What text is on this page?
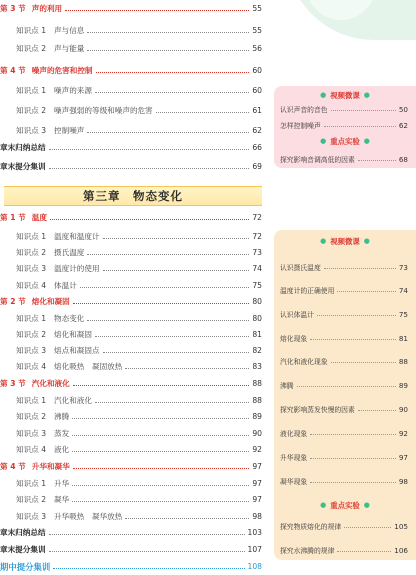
第 3 节 声的利用	55
知识点 1 声与信息	55
知识点 2 声与能量	56
第 4 节 噪声的危害和控制	60
知识点 1 噪声的来源	60
知识点 2 噪声强弱的等级和噪声的危害	61
知识点 3 控制噪声	62
章末归纳总结	66
章末提分集训	69
第三章　物态变化
第 1 节 温度	72
知识点 1 温度和温度计	72
知识点 2 摄氏温度	73
知识点 3 温度计的使用	74
知识点 4 体温计	75
第 2 节 熔化和凝固	80
知识点 1 物态变化	80
知识点 2 熔化和凝固	81
知识点 3 熔点和凝固点	82
知识点 4 熔化吸热　凝固放热	83
第 3 节 汽化和液化	88
知识点 1 汽化和液化	88
知识点 2 沸腾	89
知识点 3 蒸发	90
知识点 4 液化	92
第 4 节 升华和凝华	97
知识点 1 升华	97
知识点 2 凝华	97
知识点 3 升华吸热　凝华放热	98
章末归纳总结	103
章末提分集训	107
期中提分集训	108
● 视频微课 ●
认识声音的音色	50
怎样控制噪声	62
● 重点实验 ●
探究影响音调高低的因素	68
● 视频微课 ●
认识摄氏温度	73
温度计的正确使用	74
认识体温计	75
熔化现象	81
汽化和液化现象	88
沸腾	89
探究影响蒸发快慢的因素	90
液化现象	92
升华现象	97
凝华现象	98
● 重点实验 ●
探究物质熔化的规律	105
探究水沸腾的规律	106
